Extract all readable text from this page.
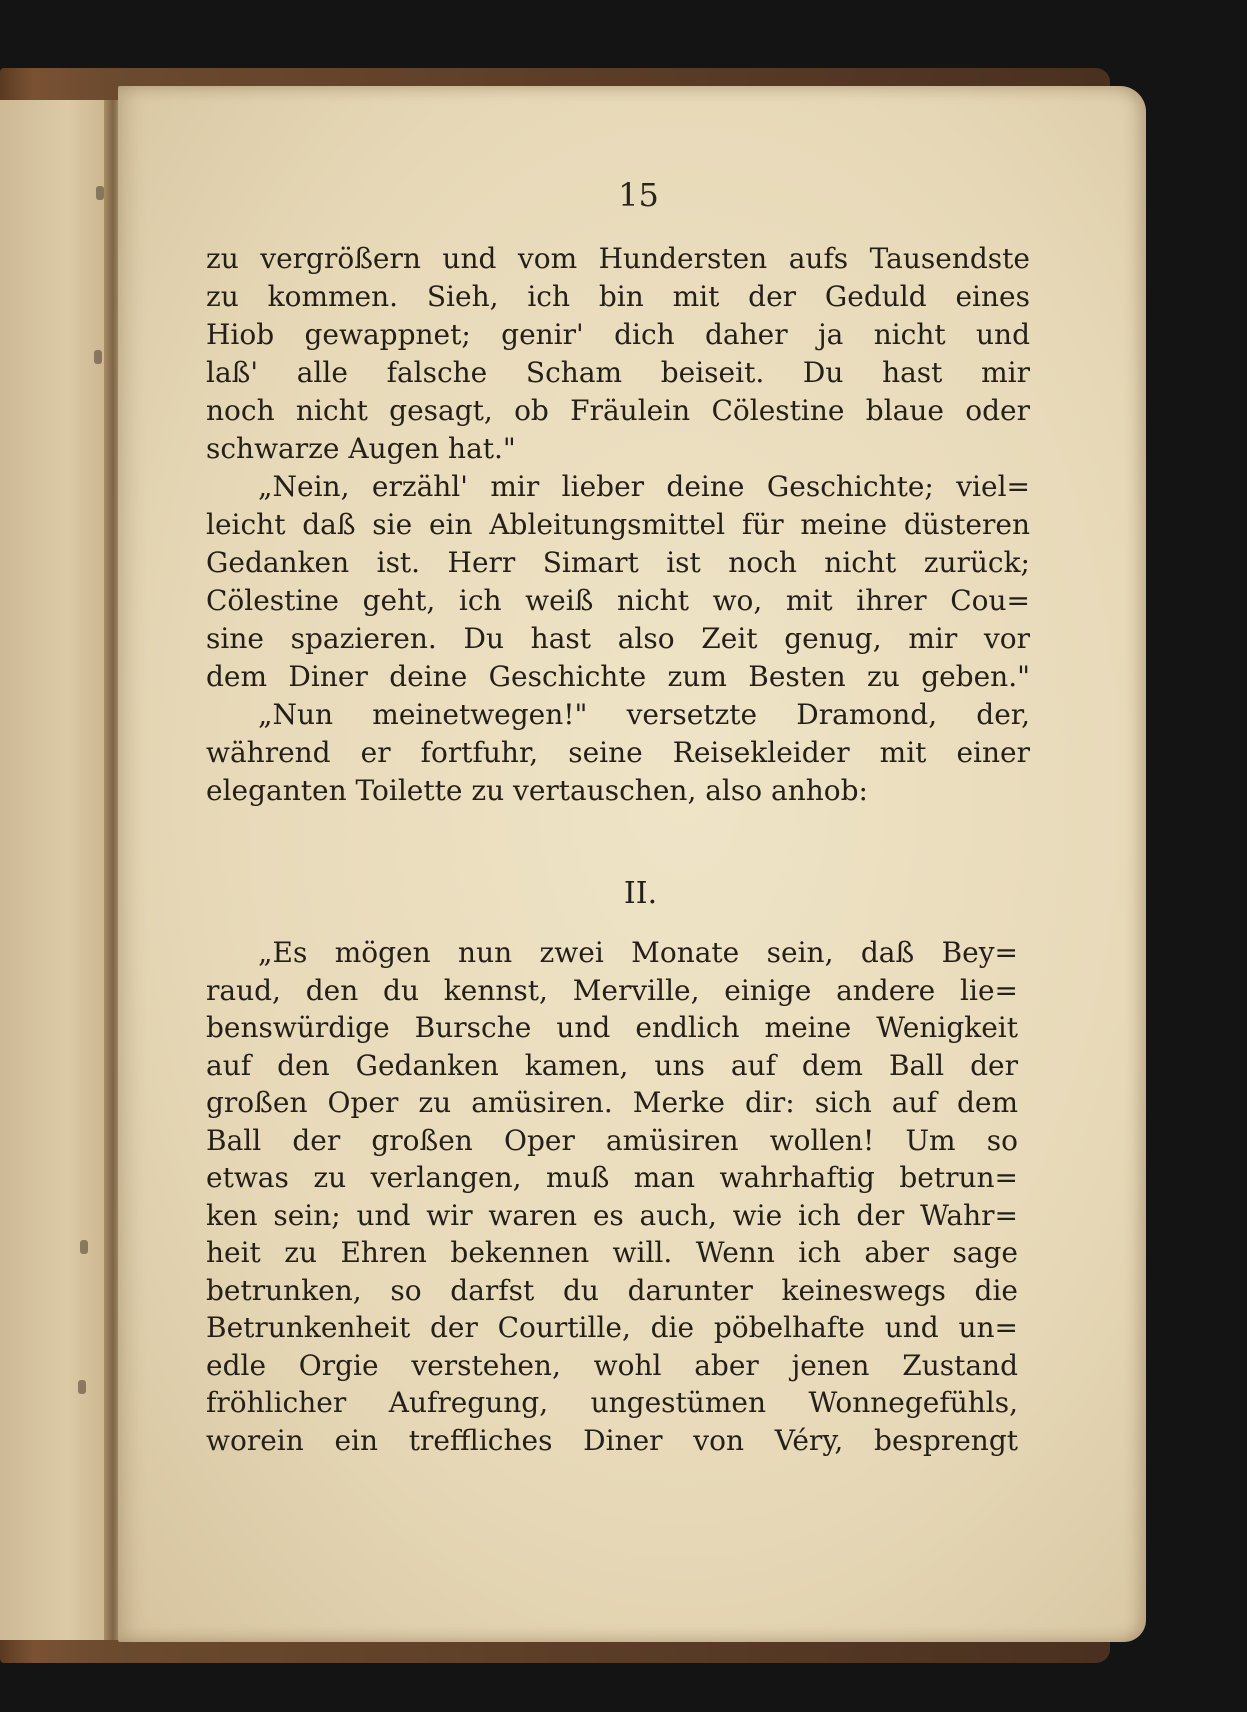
15
zu vergrößern und vom Hundersten aufs Tausendste
zu kommen. Sieh, ich bin mit der Geduld eines
Hiob gewappnet; genir' dich daher ja nicht und
laß' alle falsche Scham beiseit. Du hast mir
noch nicht gesagt, ob Fräulein Cölestine blaue oder
schwarze Augen hat."
„Nein, erzähl' mir lieber deine Geschichte; viel=
leicht daß sie ein Ableitungsmittel für meine düsteren
Gedanken ist. Herr Simart ist noch nicht zurück;
Cölestine geht, ich weiß nicht wo, mit ihrer Cou=
sine spazieren. Du hast also Zeit genug, mir vor
dem Diner deine Geschichte zum Besten zu geben."
„Nun meinetwegen!" versetzte Dramond, der,
während er fortfuhr, seine Reisekleider mit einer
eleganten Toilette zu vertauschen, also anhob:
II.
„Es mögen nun zwei Monate sein, daß Bey=
raud, den du kennst, Merville, einige andere lie=
benswürdige Bursche und endlich meine Wenigkeit
auf den Gedanken kamen, uns auf dem Ball der
großen Oper zu amüsiren. Merke dir: sich auf dem
Ball der großen Oper amüsiren wollen! Um so
etwas zu verlangen, muß man wahrhaftig betrun=
ken sein; und wir waren es auch, wie ich der Wahr=
heit zu Ehren bekennen will. Wenn ich aber sage
betrunken, so darfst du darunter keineswegs die
Betrunkenheit der Courtille, die pöbelhafte und un=
edle Orgie verstehen, wohl aber jenen Zustand
fröhlicher Aufregung, ungestümen Wonnegefühls,
worein ein treffliches Diner von Véry, besprengt
